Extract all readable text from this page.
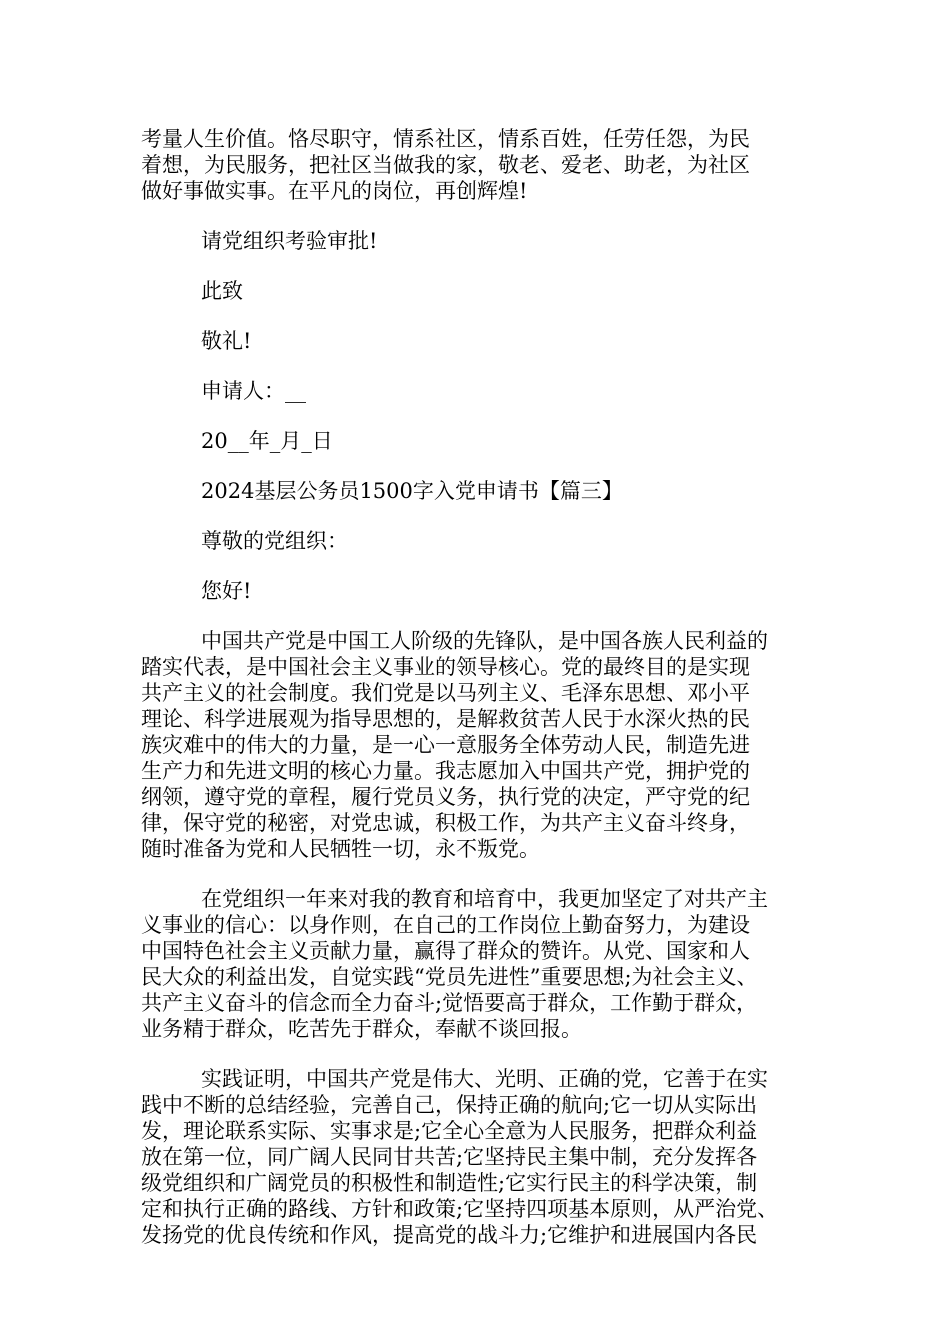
考量人生价值。恪尽职守，情系社区，情系百姓，任劳任怨，为民
着想，为民服务，把社区当做我的家，敬老、爱老、助老，为社区
做好事做实事。在平凡的岗位，再创辉煌!

请党组织考验审批!

此致

敬礼!

申请人：__

20__年_月_日

2024基层公务员1500字入党申请书【篇三】

尊敬的党组织：

您好!

中国共产党是中国工人阶级的先锋队，是中国各族人民利益的
踏实代表，是中国社会主义事业的领导核心。党的最终目的是实现
共产主义的社会制度。我们党是以马列主义、毛泽东思想、邓小平
理论、科学进展观为指导思想的，是解救贫苦人民于水深火热的民
族灾难中的伟大的力量，是一心一意服务全体劳动人民，制造先进
生产力和先进文明的核心力量。我志愿加入中国共产党，拥护党的
纲领，遵守党的章程，履行党员义务，执行党的决定，严守党的纪
律，保守党的秘密，对党忠诚，积极工作，为共产主义奋斗终身，
随时准备为党和人民牺牲一切，永不叛党。
在党组织一年来对我的教育和培育中，我更加坚定了对共产主
义事业的信心：以身作则，在自己的工作岗位上勤奋努力，为建设
中国特色社会主义贡献力量，赢得了群众的赞许。从党、国家和人
民大众的利益出发，自觉实践“党员先进性”重要思想;为社会主义、
共产主义奋斗的信念而全力奋斗;觉悟要高于群众，工作勤于群众，
业务精于群众，吃苦先于群众，奉献不谈回报。
实践证明，中国共产党是伟大、光明、正确的党，它善于在实
践中不断的总结经验，完善自己，保持正确的航向;它一切从实际出
发，理论联系实际、实事求是;它全心全意为人民服务，把群众利益
放在第一位，同广阔人民同甘共苦;它坚持民主集中制，充分发挥各
级党组织和广阔党员的积极性和制造性;它实行民主的科学决策，制
定和执行正确的路线、方针和政策;它坚持四项基本原则，从严治党、
发扬党的优良传统和作风，提高党的战斗力;它维护和进展国内各民
